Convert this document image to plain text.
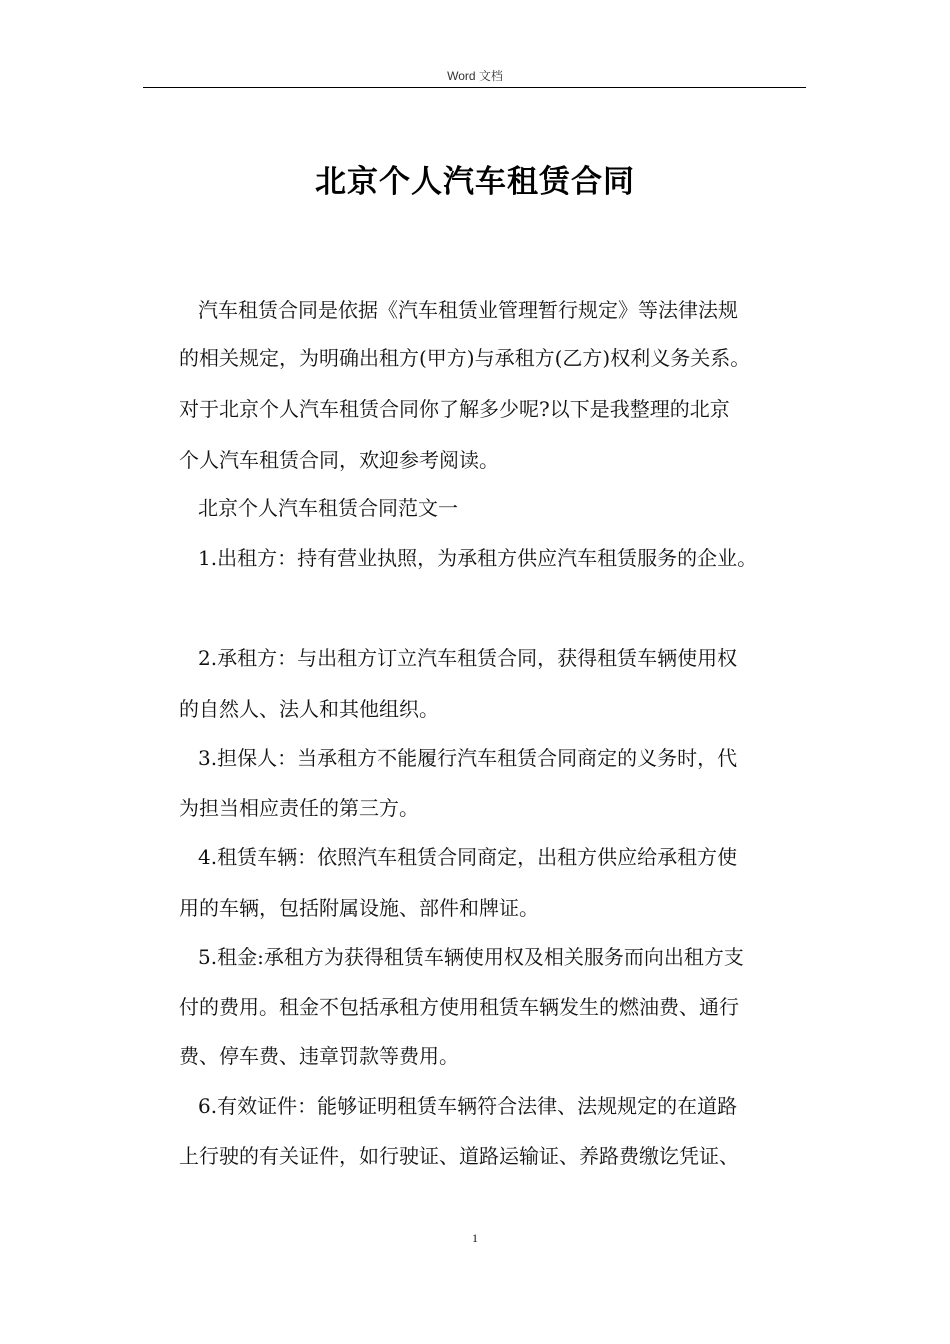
Word 文档
北京个人汽车租赁合同
汽车租赁合同是依据《汽车租赁业管理暂行规定》等法律法规
的相关规定，为明确出租方(甲方)与承租方(乙方)权利义务关系。
对于北京个人汽车租赁合同你了解多少呢?以下是我整理的北京
个人汽车租赁合同，欢迎参考阅读。
北京个人汽车租赁合同范文一
1.出租方：持有营业执照，为承租方供应汽车租赁服务的企业。
2.承租方：与出租方订立汽车租赁合同，获得租赁车辆使用权
的自然人、法人和其他组织。
3.担保人：当承租方不能履行汽车租赁合同商定的义务时，代
为担当相应责任的第三方。
4.租赁车辆：依照汽车租赁合同商定，出租方供应给承租方使
用的车辆，包括附属设施、部件和牌证。
5.租金:承租方为获得租赁车辆使用权及相关服务而向出租方支
付的费用。租金不包括承租方使用租赁车辆发生的燃油费、通行
费、停车费、违章罚款等费用。
6.有效证件：能够证明租赁车辆符合法律、法规规定的在道路
上行驶的有关证件，如行驶证、道路运输证、养路费缴讫凭证、
1
